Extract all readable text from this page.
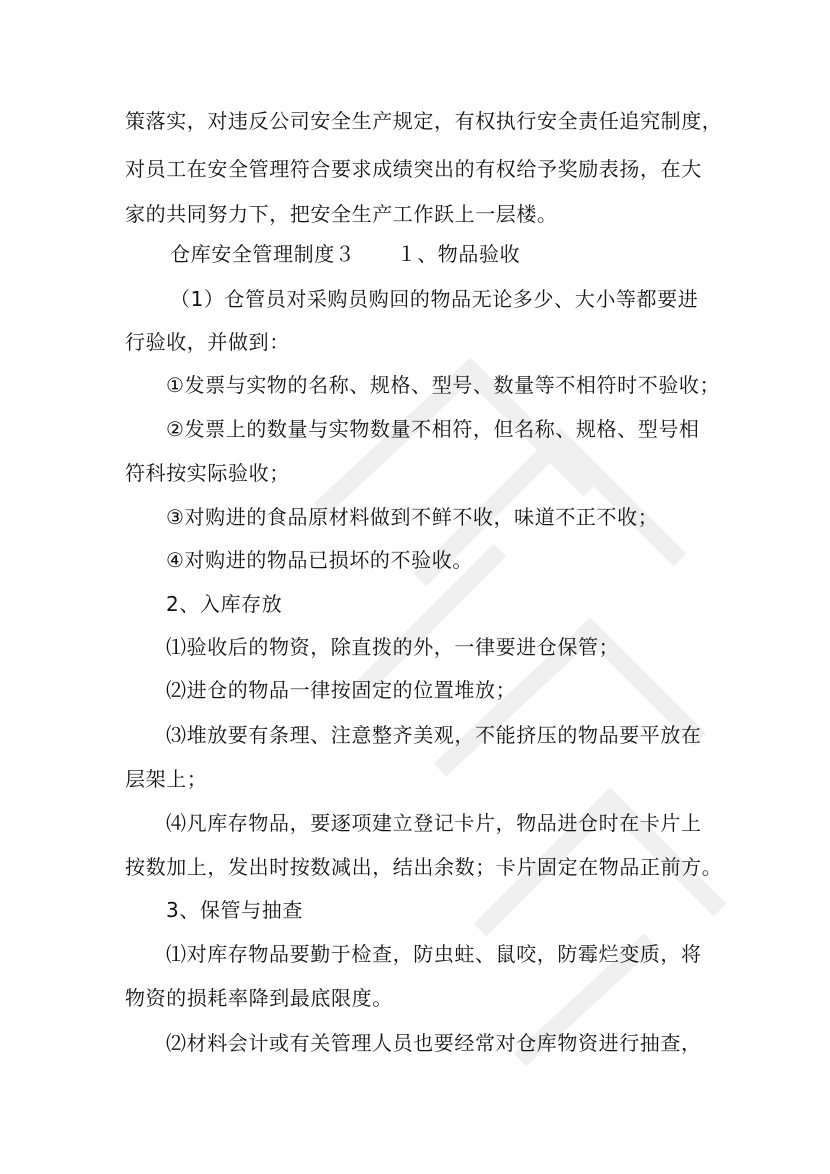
策落实，对违反公司安全生产规定，有权执行安全责任追究制度，
对员工在安全管理符合要求成绩突出的有权给予奖励表扬，在大
家的共同努力下，把安全生产工作跃上一层楼。
仓库安全管理制度３　　１、物品验收
（1）仓管员对采购员购回的物品无论多少、大小等都要进
行验收，并做到：
①发票与实物的名称、规格、型号、数量等不相符时不验收；
②发票上的数量与实物数量不相符，但名称、规格、型号相
符科按实际验收；
③对购进的食品原材料做到不鲜不收，味道不正不收；
④对购进的物品已损坏的不验收。
2、入库存放
⑴验收后的物资，除直拨的外，一律要进仓保管；
⑵进仓的物品一律按固定的位置堆放；
⑶堆放要有条理、注意整齐美观，不能挤压的物品要平放在
层架上；
⑷凡库存物品，要逐项建立登记卡片，物品进仓时在卡片上
按数加上，发出时按数减出，结出余数；卡片固定在物品正前方。
3、保管与抽查
⑴对库存物品要勤于检查，防虫蛀、鼠咬，防霉烂变质，将
物资的损耗率降到最底限度。
⑵材料会计或有关管理人员也要经常对仓库物资进行抽查，
